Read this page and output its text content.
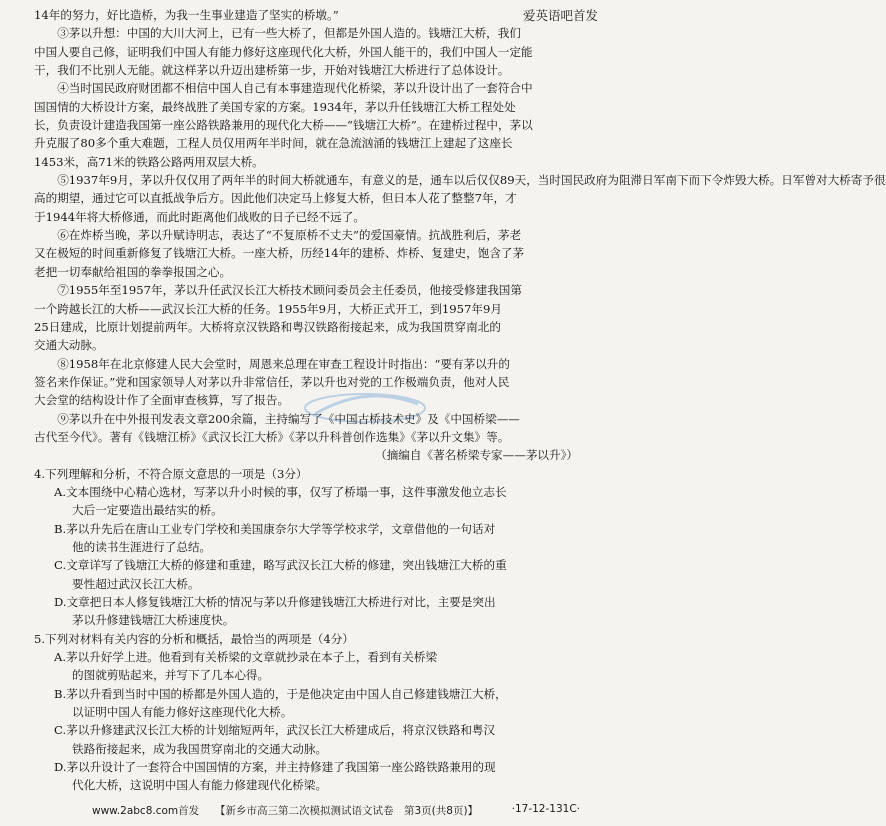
爱英语吧首发
14年的努力，好比造桥，为我一生事业建造了坚实的桥墩。”
③茅以升想：中国的大川大河上，已有一些大桥了，但都是外国人造的。钱塘江大桥，我们
中国人要自己修，证明我们中国人有能力修好这座现代化大桥，外国人能干的，我们中国人一定能
干，我们不比别人无能。就这样茅以升迈出建桥第一步，开始对钱塘江大桥进行了总体设计。
④当时国民政府财团都不相信中国人自己有本事建造现代化桥梁，茅以升设计出了一套符合中
国国情的大桥设计方案，最终战胜了美国专家的方案。1934年，茅以升任钱塘江大桥工程处处
长，负责设计建造我国第一座公路铁路兼用的现代化大桥——“钱塘江大桥”。在建桥过程中，茅以
升克服了80多个重大难题，工程人员仅用两年半时间，就在急流汹涌的钱塘江上建起了这座长
1453米，高71米的铁路公路两用双层大桥。
⑤1937年9月，茅以升仅仅用了两年半的时间大桥就通车，有意义的是，通车以后仅仅89天，当时国民政府为阻滞日军南下而下令炸毁大桥。日军曾对大桥寄予很
高的期望，通过它可以直抵战争后方。因此他们决定马上修复大桥，但日本人花了整整7年，才
于1944年将大桥修通，而此时距离他们战败的日子已经不远了。
⑥在炸桥当晚，茅以升赋诗明志，表达了“不复原桥不丈夫”的爱国豪情。抗战胜利后，茅老
又在极短的时间重新修复了钱塘江大桥。一座大桥，历经14年的建桥、炸桥、复建史，饱含了茅
老把一切奉献给祖国的拳拳报国之心。
⑦1955年至1957年，茅以升任武汉长江大桥技术顾问委员会主任委员，他接受修建我国第
一个跨越长江的大桥——武汉长江大桥的任务。1955年9月，大桥正式开工，到1957年9月
25日建成，比原计划提前两年。大桥将京汉铁路和粤汉铁路衔接起来，成为我国贯穿南北的
交通大动脉。
⑧1958年在北京修建人民大会堂时，周恩来总理在审查工程设计时指出：“要有茅以升的
签名来作保证。”党和国家领导人对茅以升非常信任，茅以升也对党的工作极端负责，他对人民
大会堂的结构设计作了全面审查核算，写了报告。
⑨茅以升在中外报刊发表文章200余篇，主持编写了《中国古桥技术史》及《中国桥梁——
古代至今代》。著有《钱塘江桥》《武汉长江大桥》《茅以升科普创作选集》《茅以升文集》等。
（摘编自《著名桥梁专家——茅以升》）
4.下列理解和分析，不符合原文意思的一项是（3分）
A.文本围绕中心精心选材，写茅以升小时候的事，仅写了桥塌一事，这件事激发他立志长
大后一定要造出最结实的桥。
B.茅以升先后在唐山工业专门学校和美国康奈尔大学等学校求学，文章借他的一句话对
他的读书生涯进行了总结。
C.文章详写了钱塘江大桥的修建和重建，略写武汉长江大桥的修建，突出钱塘江大桥的重
要性超过武汉长江大桥。
D.文章把日本人修复钱塘江大桥的情况与茅以升修建钱塘江大桥进行对比，主要是突出
茅以升修建钱塘江大桥速度快。
5.下列对材料有关内容的分析和概括，最恰当的两项是（4分）
A.茅以升好学上进。他看到有关桥梁的文章就抄录在本子上，看到有关桥梁
的图就剪贴起来，并写下了几本心得。
B.茅以升看到当时中国的桥都是外国人造的，于是他决定由中国人自己修建钱塘江大桥，
以证明中国人有能力修好这座现代化大桥。
C.茅以升修建武汉长江大桥的计划缩短两年，武汉长江大桥建成后，将京汉铁路和粤汉
铁路衔接起来，成为我国贯穿南北的交通大动脉。
D.茅以升设计了一套符合中国国情的方案，并主持修建了我国第一座公路铁路兼用的现
代化大桥，这说明中国人有能力修建现代化桥梁。
www.2abc8.com首发 【新乡市高三第二次模拟测试语文试卷　第3页(共8页)】	·17-12-131C·
